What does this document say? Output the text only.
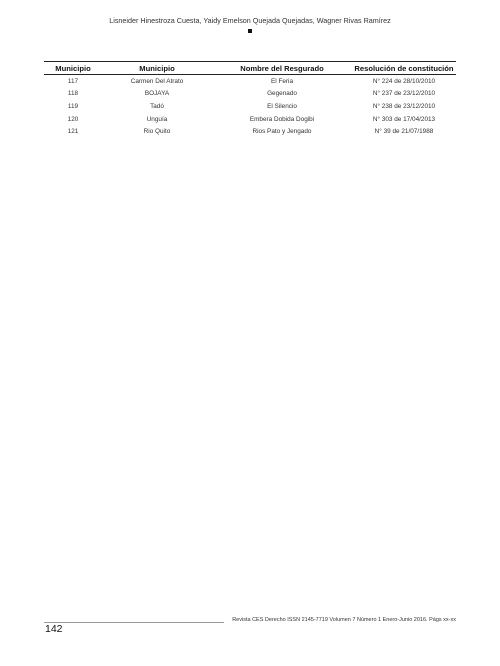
Lisneider Hinestroza Cuesta, Yaidy Emelson Quejada Quejadas, Wagner Rivas Ramírez
Municipio	Municipio	Nombre del Resgurado	Resolución de constitución
117	Carmen Del Atrato	El Feria	N° 224 de 28/10/2010
118	BOJAYA	Gegenado	N° 237 de 23/12/2010
119	Tadó	El Silencio	N° 238 de 23/12/2010
120	Unguía	Embera Dobida Dogibi	N° 303 de 17/04/2013
121	Rio Quito	Rios Pato y Jengado	N° 39 de 21/07/1988
142
Revista CES Derecho ISSN 2145-7719 Volumen 7 Número 1 Enero-Junio 2016. Págs xx-xx
